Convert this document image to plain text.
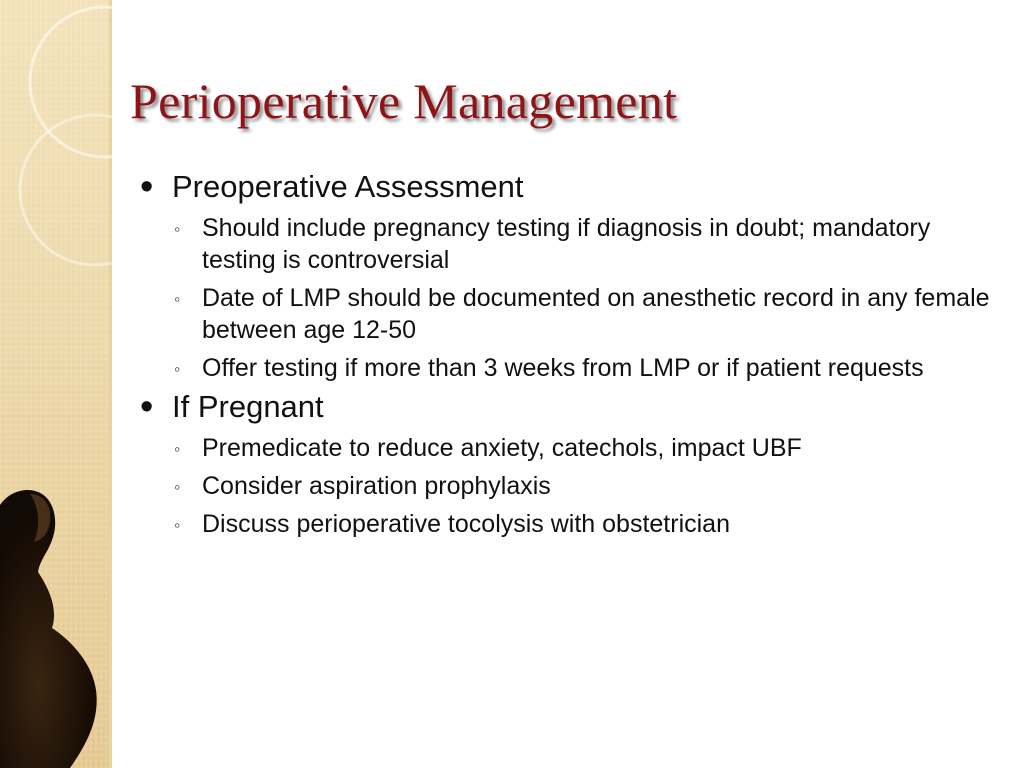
Perioperative Management
• Preoperative Assessment
◦ Should include pregnancy testing if diagnosis in doubt; mandatory testing is controversial
◦ Date of LMP should be documented on anesthetic record in any female between age 12-50
◦ Offer testing if more than 3 weeks from LMP or if patient requests
• If Pregnant
◦ Premedicate to reduce anxiety, catechols, impact UBF
◦ Consider aspiration prophylaxis
◦ Discuss perioperative tocolysis with obstetrician
